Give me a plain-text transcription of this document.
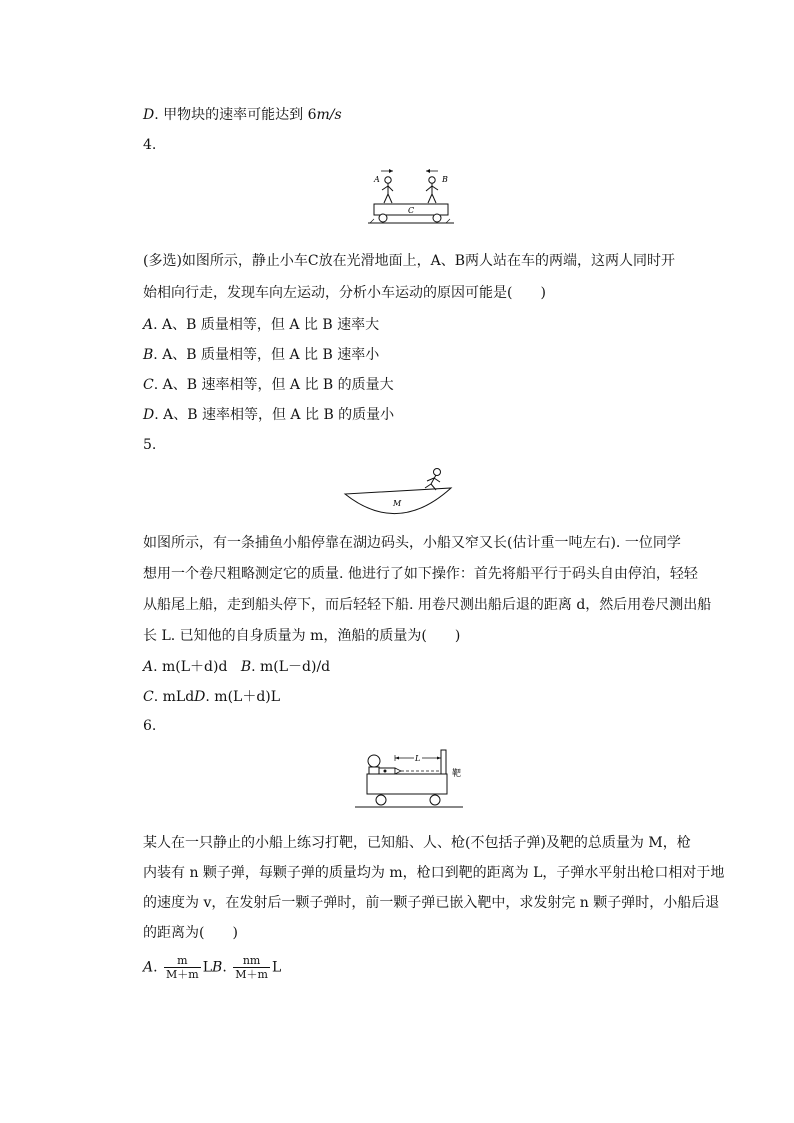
D. 甲物块的速率可能达到 6m/s
4.
A	B
C
(多选)如图所示，静止小车C放在光滑地面上，A、B两人站在车的两端，这两人同时开
始相向行走，发现车向左运动，分析小车运动的原因可能是(　　)
A. A、B 质量相等，但 A 比 B 速率大
B. A、B 质量相等，但 A 比 B 速率小
C. A、B 速率相等，但 A 比 B 的质量大
D. A、B 速率相等，但 A 比 B 的质量小
5.
M
如图所示，有一条捕鱼小船停靠在湖边码头，小船又窄又长(估计重一吨左右). 一位同学
想用一个卷尺粗略测定它的质量. 他进行了如下操作：首先将船平行于码头自由停泊，轻轻
从船尾上船，走到船头停下，而后轻轻下船. 用卷尺测出船后退的距离 d，然后用卷尺测出船
长 L. 已知他的自身质量为 m，渔船的质量为(　　)
A. m(L＋d)d B. m(L－d)/d
C. mLdD. m(L＋d)L
6.
L
靶
某人在一只静止的小船上练习打靶，已知船、人、枪(不包括子弹)及靶的总质量为 M，枪
内装有 n 颗子弹，每颗子弹的质量均为 m，枪口到靶的距离为 L，子弹水平射出枪口相对于地
的速度为 v，在发射后一颗子弹时，前一颗子弹已嵌入靶中，求发射完 n 颗子弹时，小船后退
的距离为(　　)
A. $\frac{m}{M+m}$ LB. $\frac{nm}{M+m}$ L
